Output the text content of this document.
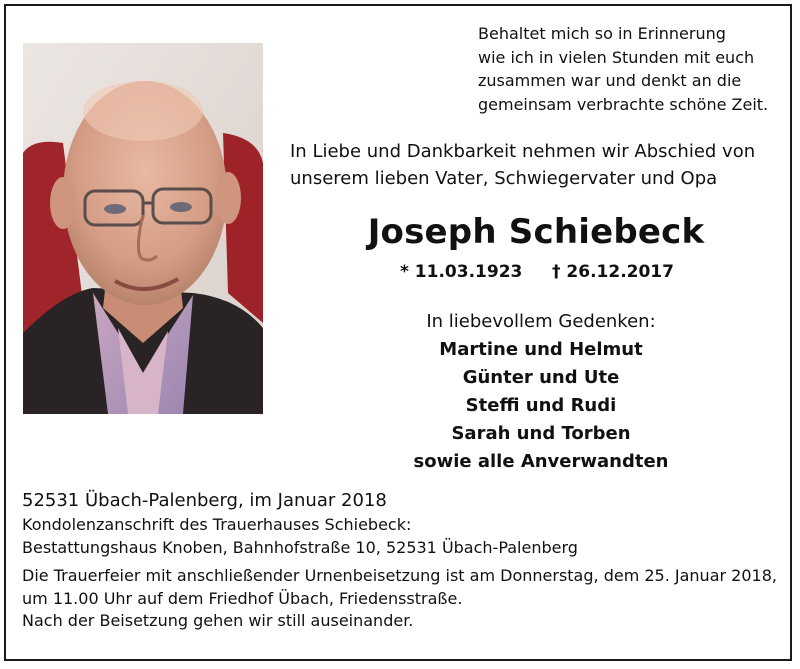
Behaltet mich so in Erinnerung
wie ich in vielen Stunden mit euch
zusammen war und denkt an die
gemeinsam verbrachte schöne Zeit.
In Liebe und Dankbarkeit nehmen wir Abschied von
unserem lieben Vater, Schwiegervater und Opa
Joseph Schiebeck
* 11.03.1923 † 26.12.2017
In liebevollem Gedenken:
Martine und Helmut
Günter und Ute
Steffi und Rudi
Sarah und Torben
sowie alle Anverwandten
52531 Übach-Palenberg, im Januar 2018
Kondolenzanschrift des Trauerhauses Schiebeck:
Bestattungshaus Knoben, Bahnhofstraße 10, 52531 Übach-Palenberg
Die Trauerfeier mit anschließender Urnenbeisetzung ist am Donnerstag, dem 25. Januar 2018,
um 11.00 Uhr auf dem Friedhof Übach, Friedensstraße.
Nach der Beisetzung gehen wir still auseinander.
